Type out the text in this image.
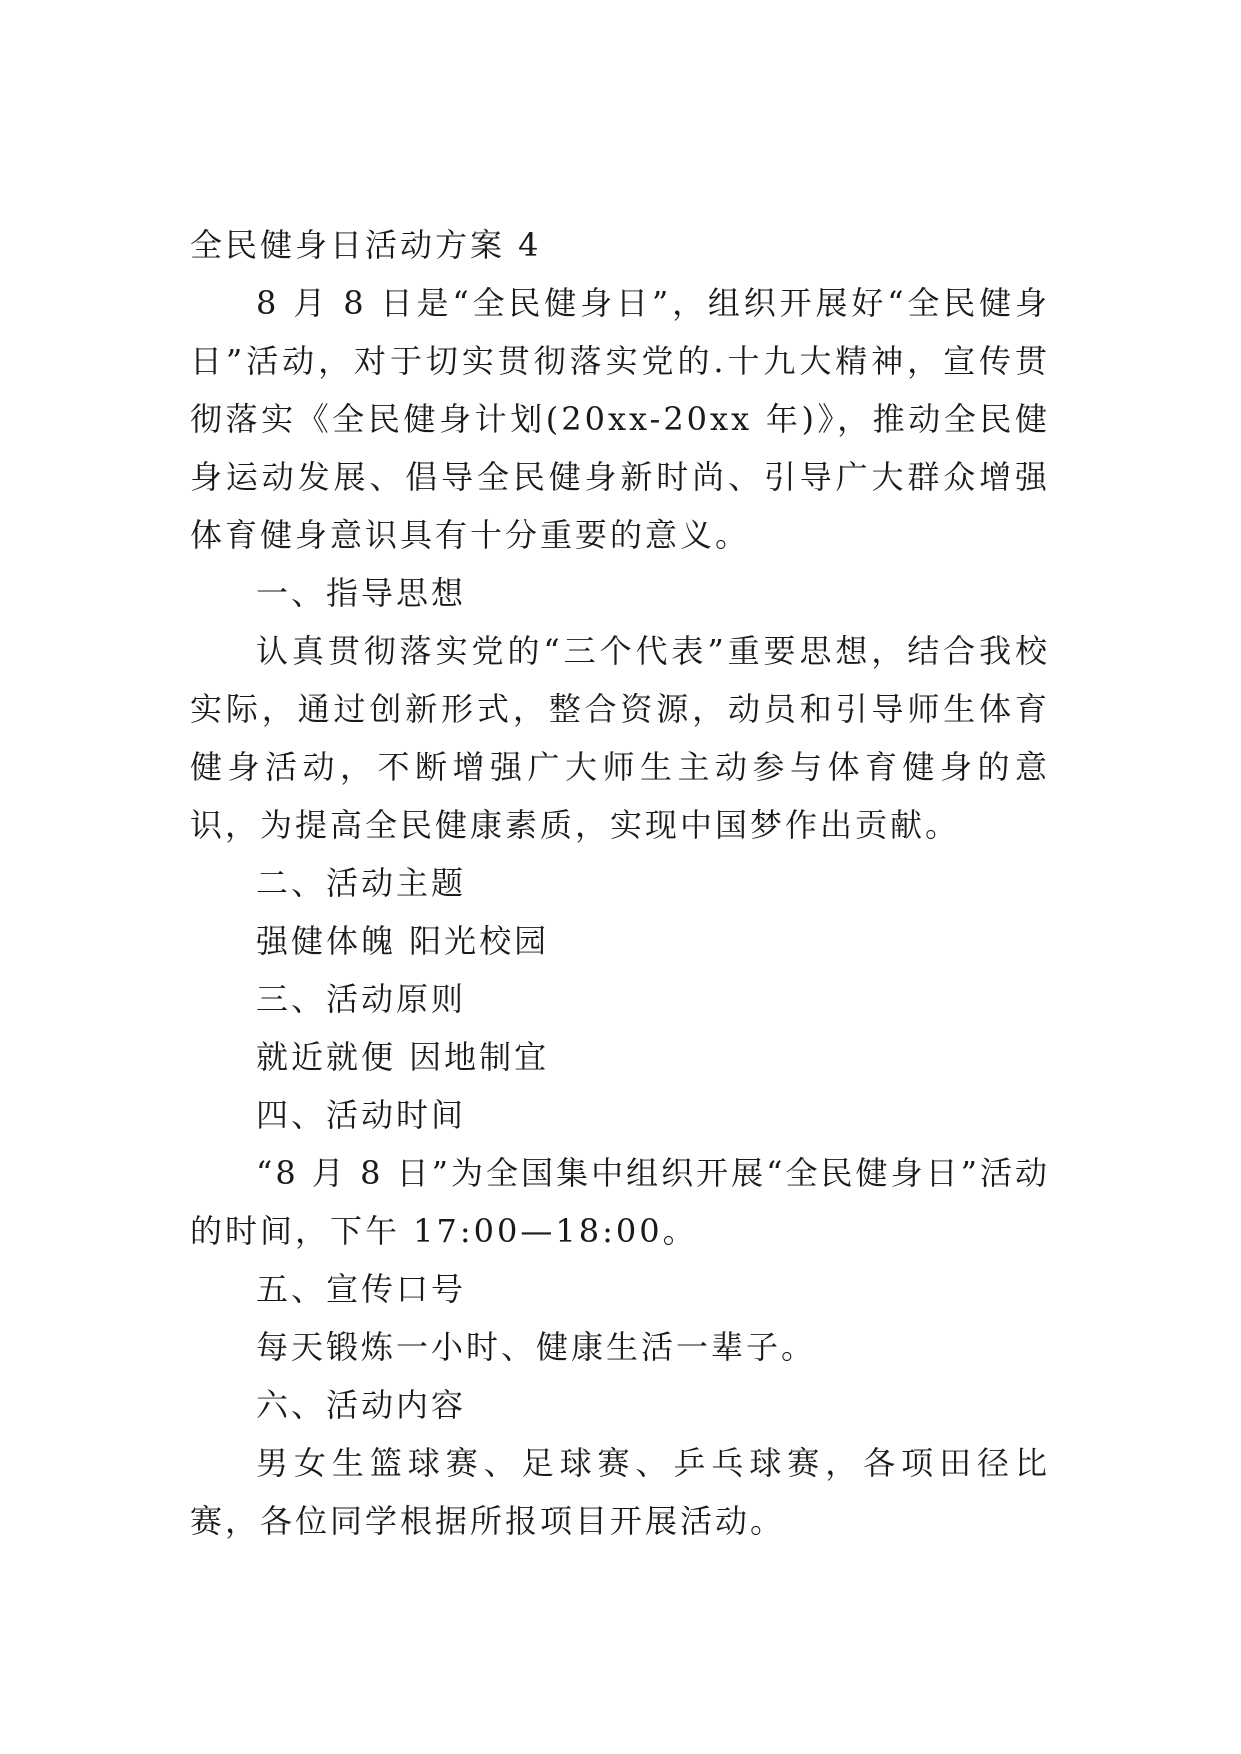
全民健身日活动方案 4

8 月 8 日是“全民健身日”，组织开展好“全民健身日”活动，对于切实贯彻落实党的.十九大精神，宣传贯彻落实《全民健身计划(20xx-20xx 年)》，推动全民健身运动发展、倡导全民健身新时尚、引导广大群众增强体育健身意识具有十分重要的意义。

一、指导思想

认真贯彻落实党的“三个代表”重要思想，结合我校实际，通过创新形式，整合资源，动员和引导师生体育健身活动，不断增强广大师生主动参与体育健身的意识，为提高全民健康素质，实现中国梦作出贡献。

二、活动主题

强健体魄 阳光校园

三、活动原则

就近就便 因地制宜

四、活动时间

“8 月 8 日”为全国集中组织开展“全民健身日”活动的时间，下午 17:00—18:00。

五、宣传口号

每天锻炼一小时、健康生活一辈子。

六、活动内容

男女生篮球赛、足球赛、乒乓球赛，各项田径比赛，各位同学根据所报项目开展活动。
